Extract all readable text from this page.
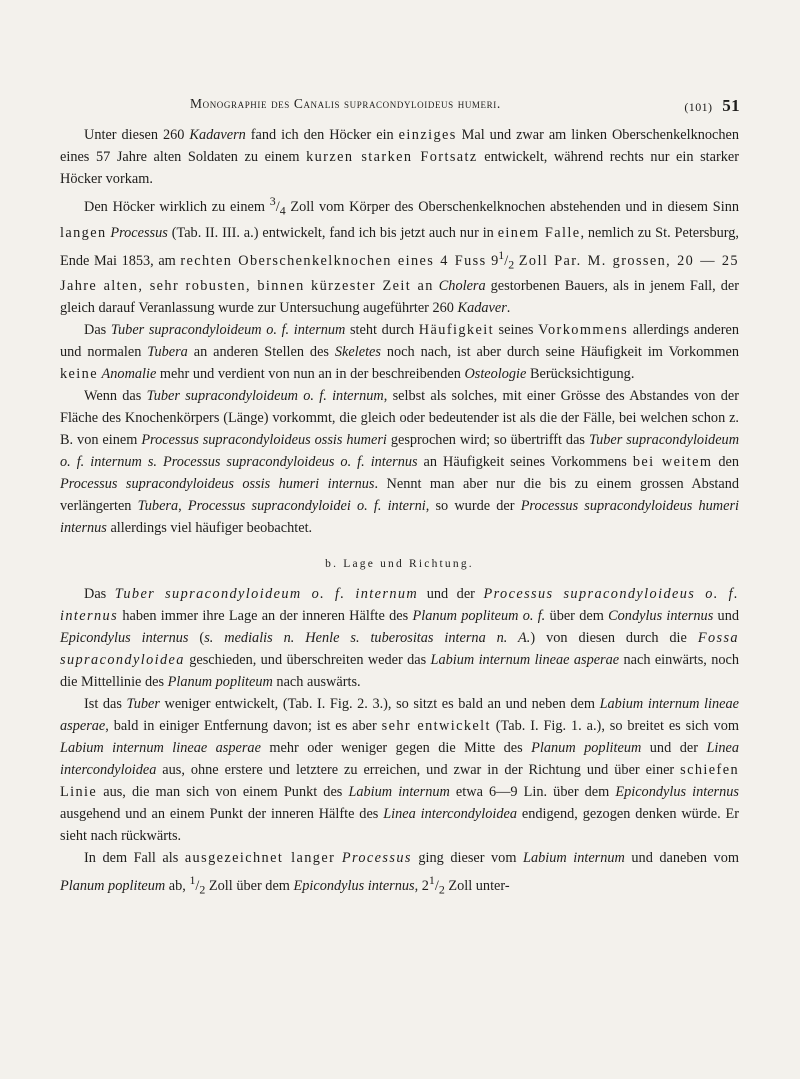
Monographie des Canalis supracondyloideus humeri.	(101) 51

Unter diesen 260 Kadavern fand ich den Höcker ein einziges Mal und zwar am linken Oberschenkelknochen eines 57 Jahre alten Soldaten zu einem kurzen starken Fortsatz entwickelt, während rechts nur ein starker Höcker vorkam.

Den Höcker wirklich zu einem $^3/_4$ Zoll vom Körper des Oberschenkelknochen abstehenden und in diesem Sinn langen Processus (Tab. II. III. a.) entwickelt, fand ich bis jetzt auch nur in einem Falle, nemlich zu St. Petersburg, Ende Mai 1853, am rechten Oberschenkelknochen eines 4 Fuss $9^1/_2$ Zoll Par. M. grossen, 20 — 25 Jahre alten, sehr robusten, binnen kürzester Zeit an Cholera gestorbenen Bauers, als in jenem Fall, der gleich darauf Veranlassung wurde zur Untersuchung augeführter 260 Kadaver.

Das Tuber supracondyloideum o. f. internum steht durch Häufigkeit seines Vorkommens allerdings anderen und normalen Tubera an anderen Stellen des Skeletes noch nach, ist aber durch seine Häufigkeit im Vorkommen keine Anomalie mehr und verdient von nun an in der beschreibenden Osteologie Berücksichtigung.

Wenn das Tuber supracondyloideum o. f. internum, selbst als solches, mit einer Grösse des Abstandes von der Fläche des Knochenkörpers (Länge) vorkommt, die gleich oder bedeutender ist als die der Fälle, bei welchen schon z. B. von einem Processus supracondyloideus ossis humeri gesprochen wird; so übertrifft das Tuber supracondyloideum o. f. internum s. Processus supracondyloideus o. f. internus an Häufigkeit seines Vorkommens bei weitem den Processus supracondyloideus ossis humeri internus. Nennt man aber nur die bis zu einem grossen Abstand verlängerten Tubera, Processus supracondyloidei o. f. interni, so wurde der Processus supracondyloideus humeri internus allerdings viel häufiger beobachtet.

b. Lage und Richtung.

Das Tuber supracondyloideum o. f. internum und der Processus supracondyloideus o. f. internus haben immer ihre Lage an der inneren Hälfte des Planum popliteum o. f. über dem Condylus internus und Epicondylus internus (s. medialis n. Henle s. tuberositas interna n. A.) von diesen durch die Fossa supracondyloidea geschieden, und überschreiten weder das Labium internum lineae asperae nach einwärts, noch die Mittellinie des Planum popliteum nach auswärts.

Ist das Tuber weniger entwickelt, (Tab. I. Fig. 2. 3.), so sitzt es bald an und neben dem Labium internum lineae asperae, bald in einiger Entfernung davon; ist es aber sehr entwickelt (Tab. I. Fig. 1. a.), so breitet es sich vom Labium internum lineae asperae mehr oder weniger gegen die Mitte des Planum popliteum und der Linea intercondyloidea aus, ohne erstere und letztere zu erreichen, und zwar in der Richtung und über einer schiefen Linie aus, die man sich von einem Punkt des Labium internum etwa 6—9 Lin. über dem Epicondylus internus ausgehend und an einem Punkt der inneren Hälfte des Linea intercondyloidea endigend, gezogen denken würde. Er sieht nach rückwärts.

In dem Fall als ausgezeichnet langer Processus ging dieser vom Labium internum und daneben vom Planum popliteum ab, $^1/_2$ Zoll über dem Epicondylus internus, $2^1/_2$ Zoll unter-
